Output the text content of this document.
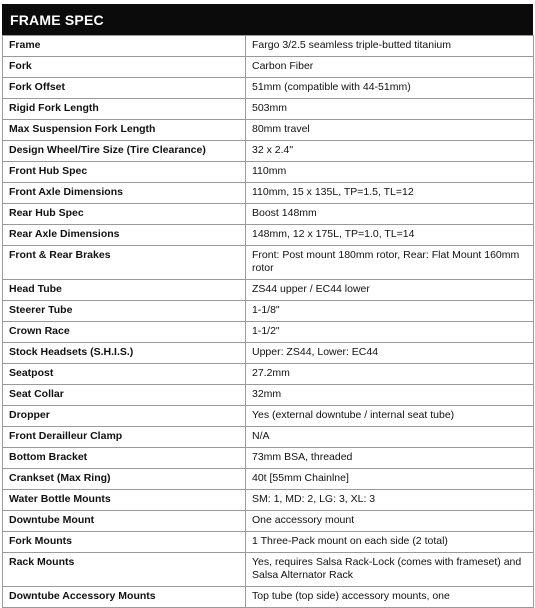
FRAME SPEC
Frame	Fargo 3/2.5 seamless triple-butted titanium
Fork	Carbon Fiber
Fork Offset	51mm (compatible with 44-51mm)
Rigid Fork Length	503mm
Max Suspension Fork Length	80mm travel
Design Wheel/Tire Size (Tire Clearance)	32 x 2.4"
Front Hub Spec	110mm
Front Axle Dimensions	110mm, 15 x 135L, TP=1.5, TL=12
Rear Hub Spec	Boost 148mm
Rear Axle Dimensions	148mm, 12 x 175L, TP=1.0, TL=14
Front & Rear Brakes	Front: Post mount 180mm rotor, Rear: Flat Mount 160mm rotor
Head Tube	ZS44 upper / EC44 lower
Steerer Tube	1-1/8"
Crown Race	1-1/2"
Stock Headsets (S.H.I.S.)	Upper: ZS44, Lower: EC44
Seatpost	27.2mm
Seat Collar	32mm
Dropper	Yes (external downtube / internal seat tube)
Front Derailleur Clamp	N/A
Bottom Bracket	73mm BSA, threaded
Crankset (Max Ring)	40t [55mm Chainlne]
Water Bottle Mounts	SM: 1, MD: 2, LG: 3, XL: 3
Downtube Mount	One accessory mount
Fork Mounts	1 Three-Pack mount on each side (2 total)
Rack Mounts	Yes, requires Salsa Rack-Lock (comes with frameset) and Salsa Alternator Rack
Downtube Accessory Mounts	Top tube (top side) accessory mounts, one
